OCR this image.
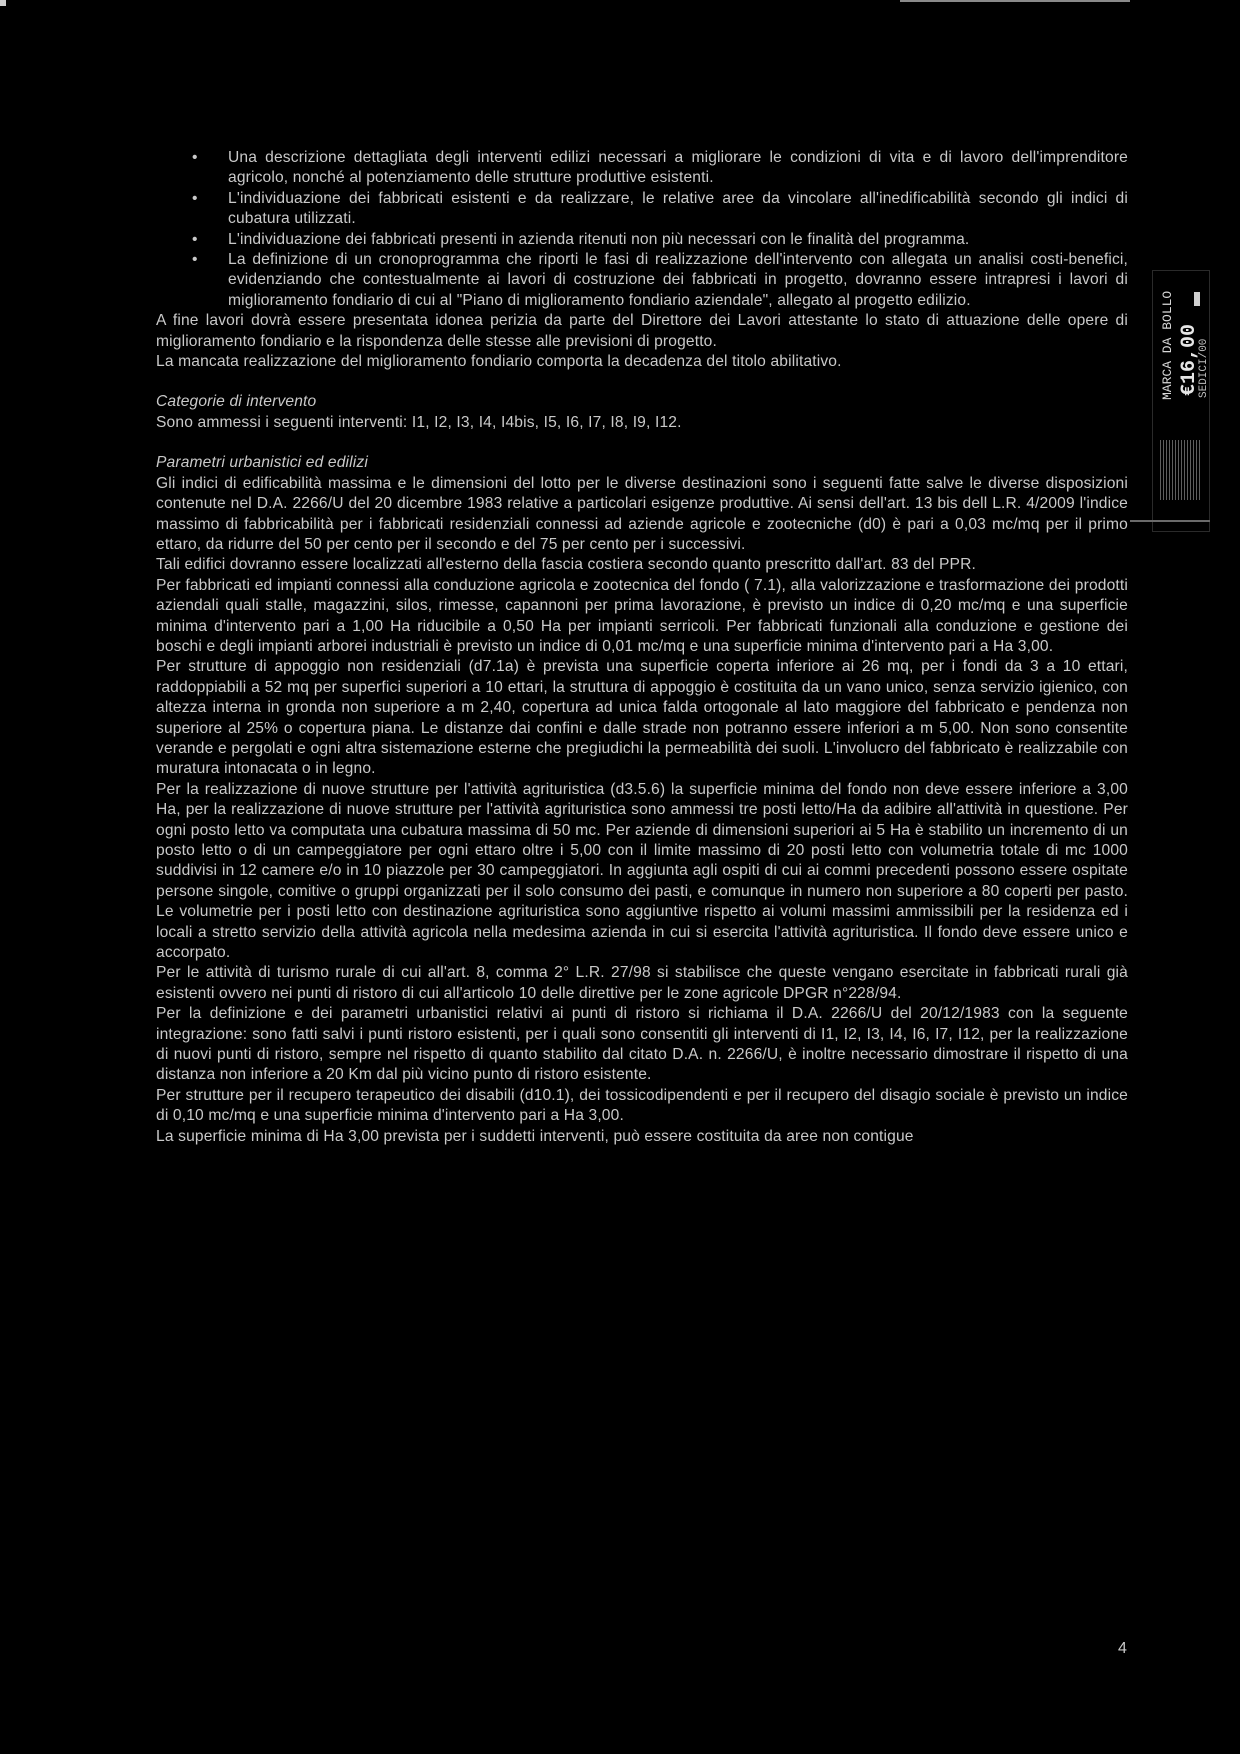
• Una descrizione dettagliata degli interventi edilizi necessari a migliorare le condizioni di vita e di lavoro dell'imprenditore agricolo, nonché al potenziamento delle strutture produttive esistenti.
• L'individuazione dei fabbricati esistenti e da realizzare, le relative aree da vincolare all'inedificabilità secondo gli indici di cubatura utilizzati.
• L'individuazione dei fabbricati presenti in azienda ritenuti non più necessari con le finalità del programma.
• La definizione di un cronoprogramma che riporti le fasi di realizzazione dell'intervento con allegata un analisi costi-benefici, evidenziando che contestualmente ai lavori di costruzione dei fabbricati in progetto, dovranno essere intrapresi i lavori di miglioramento fondiario di cui al "Piano di miglioramento fondiario aziendale", allegato al progetto edilizio.

A fine lavori dovrà essere presentata idonea perizia da parte del Direttore dei Lavori attestante lo stato di attuazione delle opere di miglioramento fondiario e la rispondenza delle stesse alle previsioni di progetto.

La mancata realizzazione del miglioramento fondiario comporta la decadenza del titolo abilitativo.

Categorie di intervento

Sono ammessi i seguenti interventi: I1, I2, I3, I4, I4bis, I5, I6, I7, I8, I9, I12.

Parametri urbanistici ed edilizi

Gli indici di edificabilità massima e le dimensioni del lotto per le diverse destinazioni sono i seguenti fatte salve le diverse disposizioni contenute nel D.A. 2266/U del 20 dicembre 1983 relative a particolari esigenze produttive. Ai sensi dell'art. 13 bis dell L.R. 4/2009 l'indice massimo di fabbricabilità per i fabbricati residenziali connessi ad aziende agricole e zootecniche (d0) è pari a 0,03 mc/mq per il primo ettaro, da ridurre del 50 per cento per il secondo e del 75 per cento per i successivi.

Tali edifici dovranno essere localizzati all'esterno della fascia costiera secondo quanto prescritto dall'art. 83 del PPR.

Per fabbricati ed impianti connessi alla conduzione agricola e zootecnica del fondo ( 7.1), alla valorizzazione e trasformazione dei prodotti aziendali quali stalle, magazzini, silos, rimesse, capannoni per prima lavorazione, è previsto un indice di 0,20 mc/mq e una superficie minima d'intervento pari a 1,00 Ha riducibile a 0,50 Ha per impianti serricoli. Per fabbricati funzionali alla conduzione e gestione dei boschi e degli impianti arborei industriali è previsto un indice di 0,01 mc/mq e una superficie minima d'intervento pari a Ha 3,00.

Per strutture di appoggio non residenziali (d7.1a) è prevista una superficie coperta inferiore ai 26 mq, per i fondi da 3 a 10 ettari, raddoppiabili a 52 mq per superfici superiori a 10 ettari, la struttura di appoggio è costituita da un vano unico, senza servizio igienico, con altezza interna in gronda non superiore a m 2,40, copertura ad unica falda ortogonale al lato maggiore del fabbricato e pendenza non superiore al 25% o copertura piana. Le distanze dai confini e dalle strade non potranno essere inferiori a m 5,00. Non sono consentite verande e pergolati e ogni altra sistemazione esterne che pregiudichi la permeabilità dei suoli. L'involucro del fabbricato è realizzabile con muratura intonacata o in legno.

Per la realizzazione di nuove strutture per l'attività agrituristica (d3.5.6) la superficie minima del fondo non deve essere inferiore a 3,00 Ha, per la realizzazione di nuove strutture per l'attività agrituristica sono ammessi tre posti letto/Ha da adibire all'attività in questione. Per ogni posto letto va computata una cubatura massima di 50 mc. Per aziende di dimensioni superiori ai 5 Ha è stabilito un incremento di un posto letto o di un campeggiatore per ogni ettaro oltre i 5,00 con il limite massimo di 20 posti letto con volumetria totale di mc 1000 suddivisi in 12 camere e/o in 10 piazzole per 30 campeggiatori. In aggiunta agli ospiti di cui ai commi precedenti possono essere ospitate persone singole, comitive o gruppi organizzati per il solo consumo dei pasti, e comunque in numero non superiore a 80 coperti per pasto. Le volumetrie per i posti letto con destinazione agrituristica sono aggiuntive rispetto ai volumi massimi ammissibili per la residenza ed i locali a stretto servizio della attività agricola nella medesima azienda in cui si esercita l'attività agrituristica. Il fondo deve essere unico e accorpato.

Per le attività di turismo rurale di cui all'art. 8, comma 2° L.R. 27/98 si stabilisce che queste vengano esercitate in fabbricati rurali già esistenti ovvero nei punti di ristoro di cui all'articolo 10 delle direttive per le zone agricole DPGR n°228/94.

Per la definizione e dei parametri urbanistici relativi ai punti di ristoro si richiama il D.A. 2266/U del 20/12/1983 con la seguente integrazione: sono fatti salvi i punti ristoro esistenti, per i quali sono consentiti gli interventi di I1, I2, I3, I4, I6, I7, I12, per la realizzazione di nuovi punti di ristoro, sempre nel rispetto di quanto stabilito dal citato D.A. n. 2266/U, è inoltre necessario dimostrare il rispetto di una distanza non inferiore a 20 Km dal più vicino punto di ristoro esistente.

Per strutture per il recupero terapeutico dei disabili (d10.1), dei tossicodipendenti e per il recupero del disagio sociale è previsto un indice di 0,10 mc/mq e una superficie minima d'intervento pari a Ha 3,00.

La superficie minima di Ha 3,00 prevista per i suddetti interventi, può essere costituita da aree non contigue

MARCA DA BOLLO €16,00
SEDICI/00
4
